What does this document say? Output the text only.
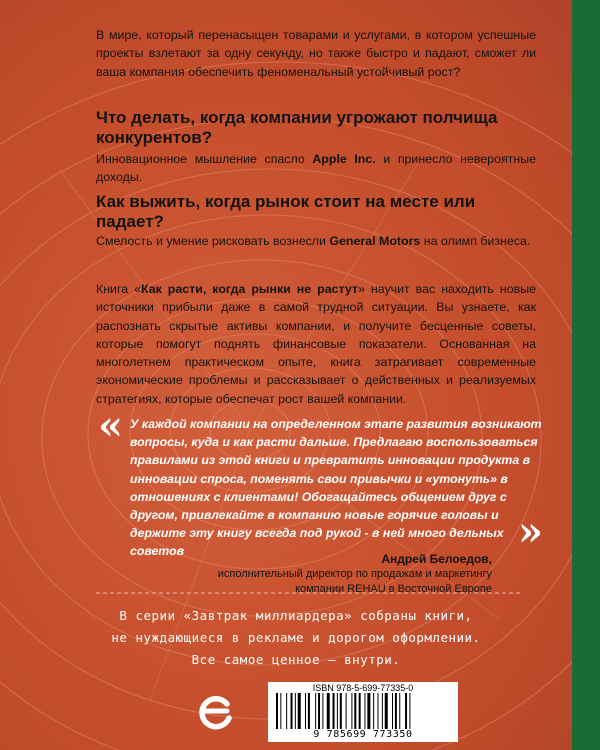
В мире, который перенасыщен товарами и услугами, в котором успешные проекты взлетают за одну секунду, но также быстро и падают, сможет ли ваша компания обеспечить феноменальный устойчивый рост?

Что делать, когда компании угрожают полчища конкурентов?

Инновационное мышление спасло Apple Inc. и принесло невероятные доходы.

Как выжить, когда рынок стоит на месте или падает?

Смелость и умение рисковать вознесли General Motors на олимп бизнеса.

Книга «Как расти, когда рынки не растут» научит вас находить новые источники прибыли даже в самой трудной ситуации. Вы узнаете, как распознать скрытые активы компании, и получите бесценные советы, которые помогут поднять финансовые показатели. Основанная на многолетнем практическом опыте, книга затрагивает современные экономические проблемы и рассказывает о действенных и реализуемых стратегиях, которые обеспечат рост вашей компании.

« У каждой компании на определенном этапе развития возникают вопросы, куда и как расти дальше. Предлагаю воспользоваться правилами из этой книги и превратить инновации продукта в инновации спроса, поменять свои привычки и «утонуть» в отношениях с клиентами! Обогащайтесь общением друг с другом, привлекайте в компанию новые горячие головы и держите эту книгу всегда под рукой - в ней много дельных советов	»

Андрей Белоедов,

исполнительный директор по продажам и маркетингу компании REHAU в Восточной Европе

В серии «Завтрак миллиардера» собраны книги,

не нуждающиеся в рекламе и дорогом оформлении.

Все самое ценное – внутри.

ISBN 978-5-699-77335-0
9 785699 773350
